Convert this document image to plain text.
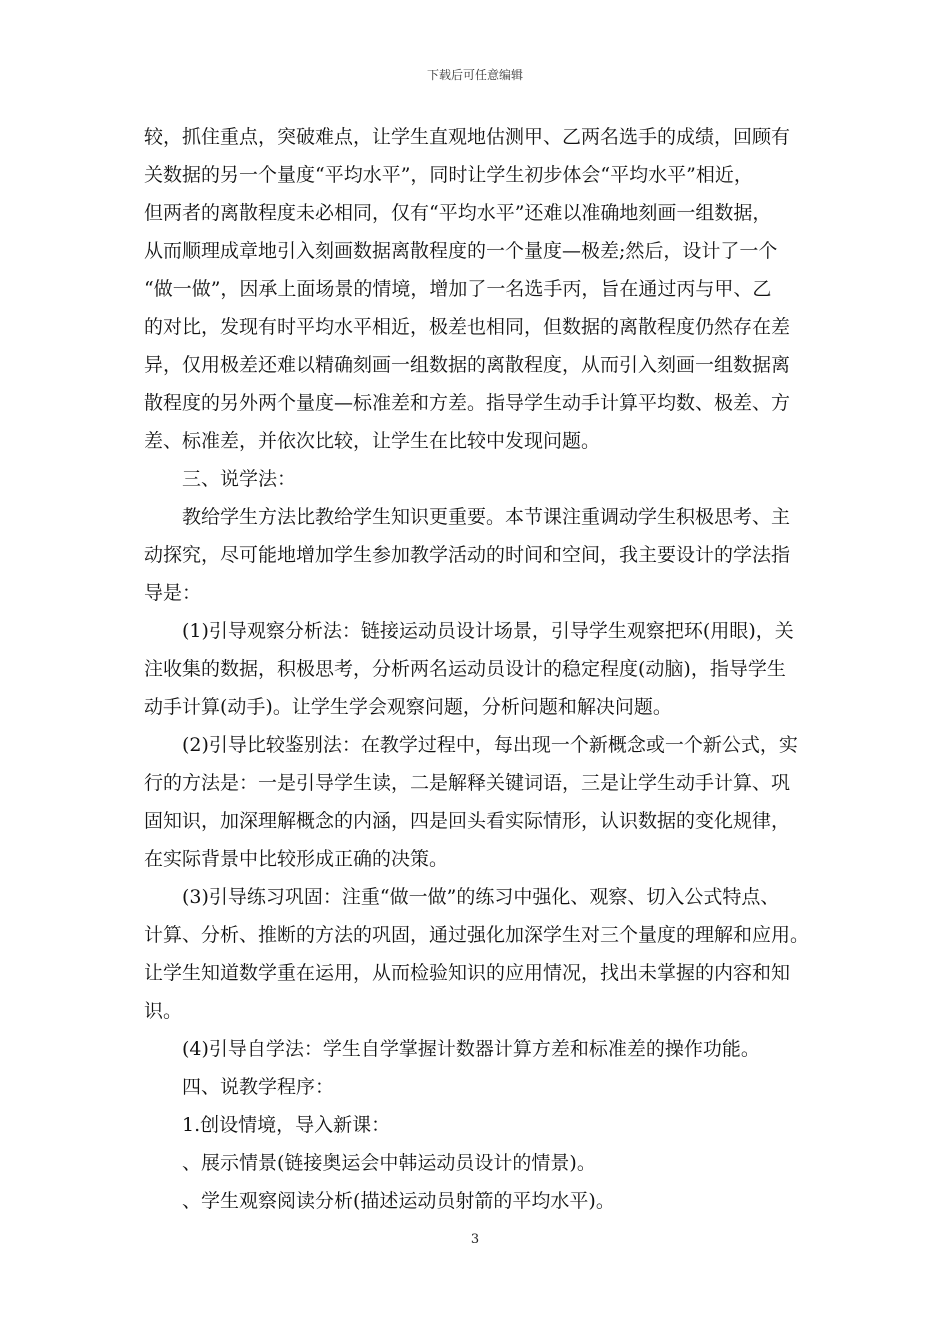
下载后可任意编辑
较，抓住重点，突破难点，让学生直观地估测甲、乙两名选手的成绩，回顾有
关数据的另一个量度“平均水平”，同时让学生初步体会“平均水平”相近，
但两者的离散程度未必相同，仅有“平均水平”还难以准确地刻画一组数据，
从而顺理成章地引入刻画数据离散程度的一个量度—极差;然后，设计了一个
“做一做”，因承上面场景的情境，增加了一名选手丙，旨在通过丙与甲、乙
的对比，发现有时平均水平相近，极差也相同，但数据的离散程度仍然存在差
异，仅用极差还难以精确刻画一组数据的离散程度，从而引入刻画一组数据离
散程度的另外两个量度—标准差和方差。指导学生动手计算平均数、极差、方
差、标准差，并依次比较，让学生在比较中发现问题。
三、说学法：
教给学生方法比教给学生知识更重要。本节课注重调动学生积极思考、主
动探究，尽可能地增加学生参加教学活动的时间和空间，我主要设计的学法指
导是：
(1)引导观察分析法：链接运动员设计场景，引导学生观察把环(用眼)，关
注收集的数据，积极思考，分析两名运动员设计的稳定程度(动脑)，指导学生
动手计算(动手)。让学生学会观察问题，分析问题和解决问题。
(2)引导比较鉴别法：在教学过程中，每出现一个新概念或一个新公式，实
行的方法是：一是引导学生读，二是解释关键词语，三是让学生动手计算、巩
固知识，加深理解概念的内涵，四是回头看实际情形，认识数据的变化规律，
在实际背景中比较形成正确的决策。
(3)引导练习巩固：注重“做一做”的练习中强化、观察、切入公式特点、
计算、分析、推断的方法的巩固，通过强化加深学生对三个量度的理解和应用。
让学生知道数学重在运用，从而检验知识的应用情况，找出未掌握的内容和知
识。
(4)引导自学法：学生自学掌握计数器计算方差和标准差的操作功能。
四、说教学程序：
1.创设情境，导入新课：
、展示情景(链接奥运会中韩运动员设计的情景)。
、学生观察阅读分析(描述运动员射箭的平均水平)。
3
